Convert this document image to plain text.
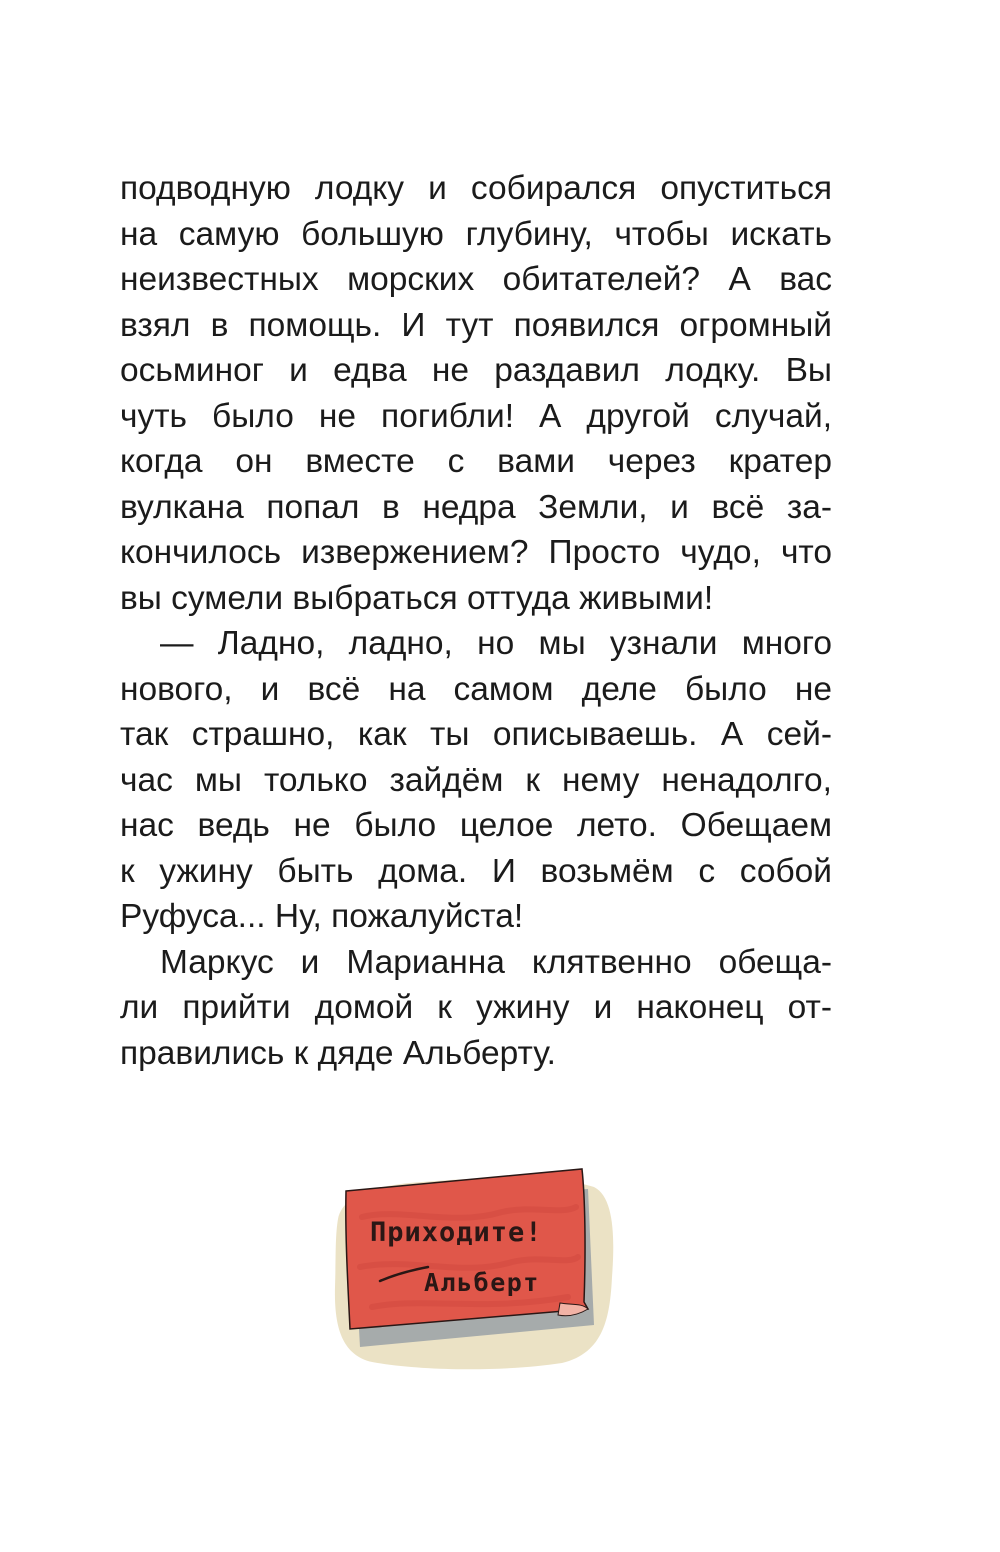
подводную лодку и собирался опуститься
на самую большую глубину, чтобы искать
неизвестных морских обитателей? А вас
взял в помощь. И тут появился огромный
осьминог и едва не раздавил лодку. Вы
чуть было не погибли! А другой случай,
когда он вместе с вами через кратер
вулкана попал в недра Земли, и всё за-
кончилось извержением? Просто чудо, что
вы сумели выбраться оттуда живыми!
— Ладно, ладно, но мы узнали много
нового, и всё на самом деле было не
так страшно, как ты описываешь. А сей-
час мы только зайдём к нему ненадолго,
нас ведь не было целое лето. Обещаем
к ужину быть дома. И возьмём с собой
Руфуса... Ну, пожалуйста!
Маркус и Марианна клятвенно обеща-
ли прийти домой к ужину и наконец от-
правились к дяде Альберту.
Приходите!
Альберт
